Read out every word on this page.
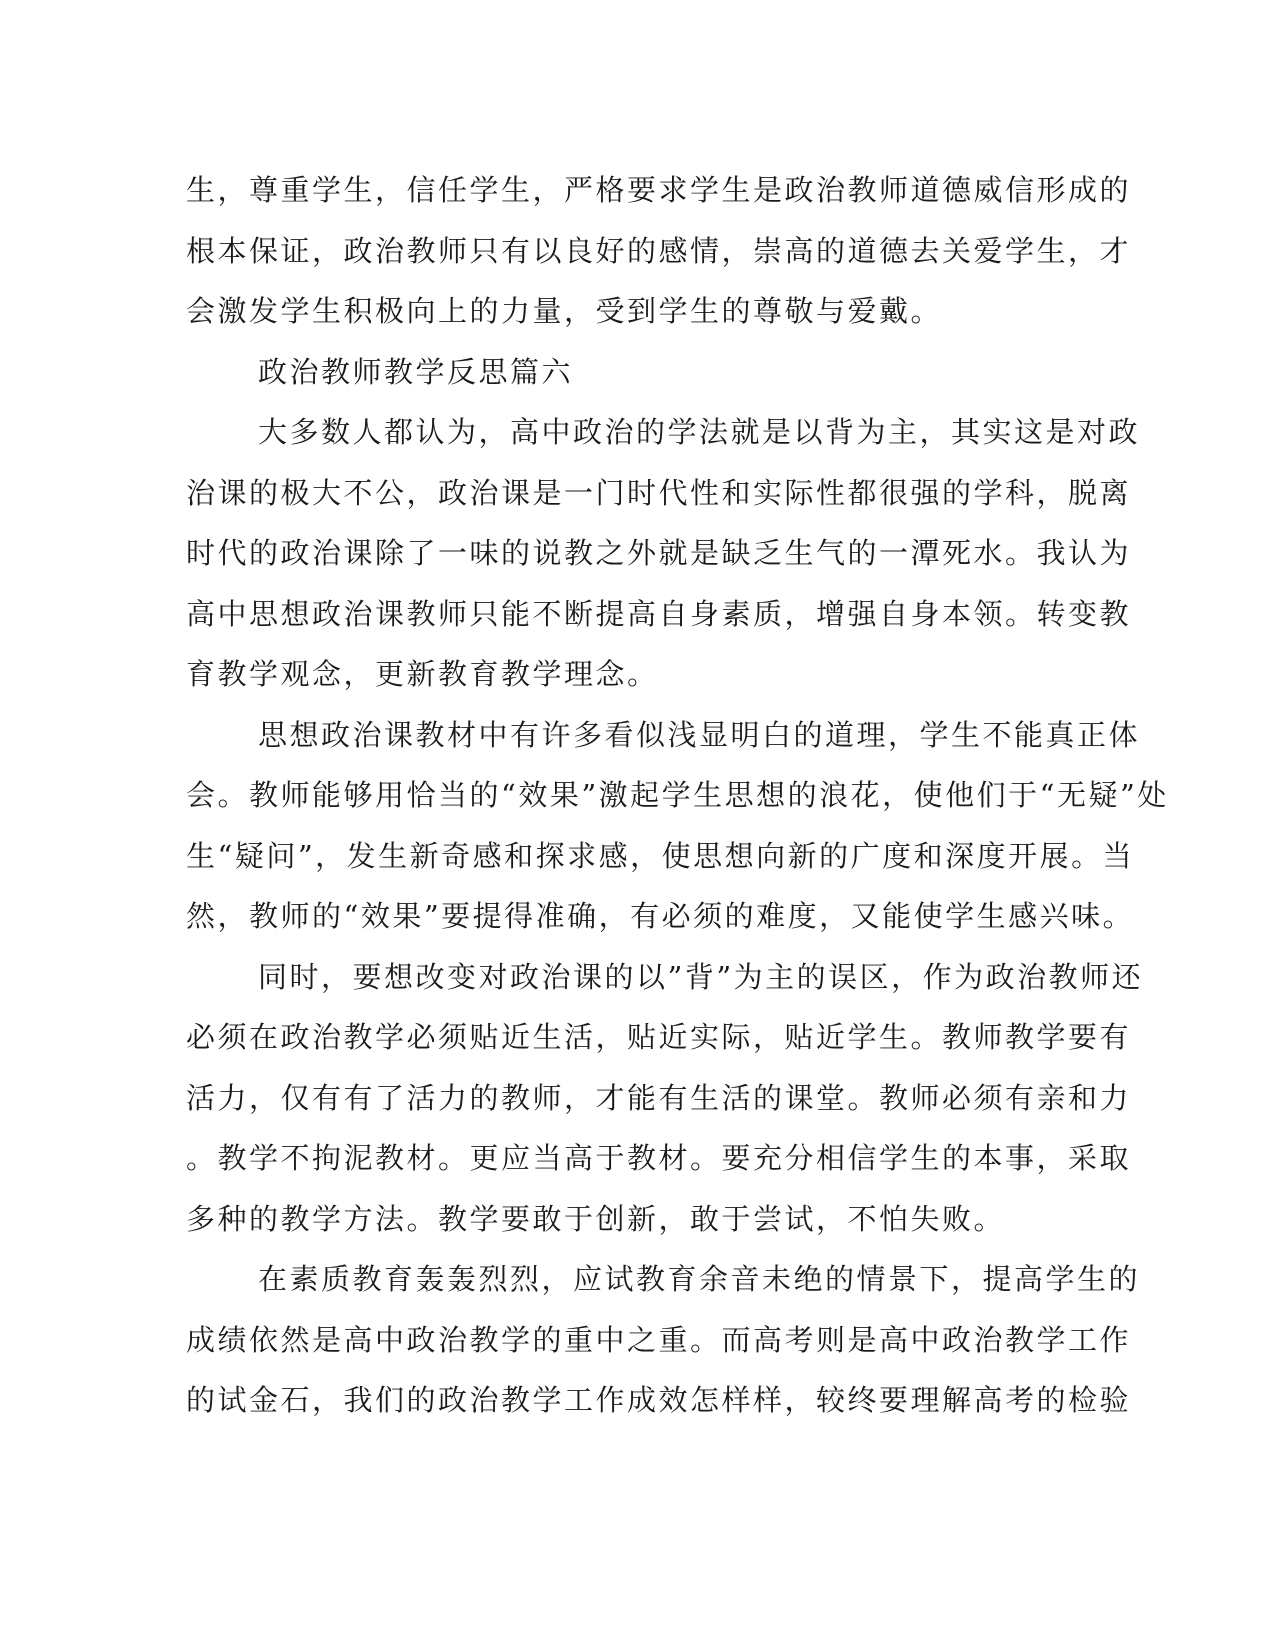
生，尊重学生，信任学生，严格要求学生是政治教师道德威信形成的
根本保证，政治教师只有以良好的感情，崇高的道德去关爱学生，才
会激发学生积极向上的力量，受到学生的尊敬与爱戴。
政治教师教学反思篇六
大多数人都认为，高中政治的学法就是以背为主，其实这是对政
治课的极大不公，政治课是一门时代性和实际性都很强的学科，脱离
时代的政治课除了一味的说教之外就是缺乏生气的一潭死水。我认为
高中思想政治课教师只能不断提高自身素质，增强自身本领。转变教
育教学观念，更新教育教学理念。
思想政治课教材中有许多看似浅显明白的道理，学生不能真正体
会。教师能够用恰当的“效果”激起学生思想的浪花，使他们于“无疑”处
生“疑问”，发生新奇感和探求感，使思想向新的广度和深度开展。当
然，教师的“效果”要提得准确，有必须的难度，又能使学生感兴味。
同时，要想改变对政治课的以”背”为主的误区，作为政治教师还
必须在政治教学必须贴近生活，贴近实际，贴近学生。教师教学要有
活力，仅有有了活力的教师，才能有生活的课堂。教师必须有亲和力
。教学不拘泥教材。更应当高于教材。要充分相信学生的本事，采取
多种的教学方法。教学要敢于创新，敢于尝试，不怕失败。
在素质教育轰轰烈烈，应试教育余音未绝的情景下，提高学生的
成绩依然是高中政治教学的重中之重。而高考则是高中政治教学工作
的试金石，我们的政治教学工作成效怎样样，较终要理解高考的检验
